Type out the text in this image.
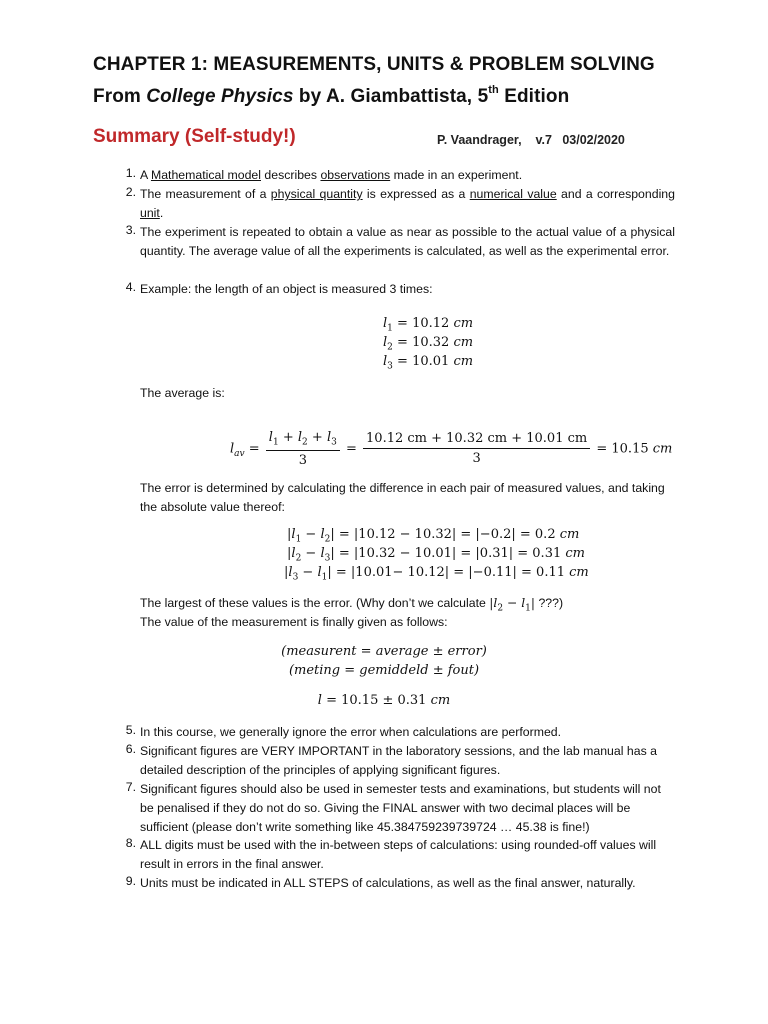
CHAPTER 1: MEASUREMENTS, UNITS & PROBLEM SOLVING
From College Physics by A. Giambattista, 5th Edition
Summary (Self-study!)	P. Vaandrager, v.7 03/02/2020
1. A Mathematical model describes observations made in an experiment.
2. The measurement of a physical quantity is expressed as a numerical value and a corresponding unit.
3. The experiment is repeated to obtain a value as near as possible to the actual value of a physical quantity. The average value of all the experiments is calculated, as well as the experimental error.
4. Example: the length of an object is measured 3 times:
$l_1 = 10.12$ cm
$l_2 = 10.32$ cm
$l_3 = 10.01$ cm
The average is:
$l_{av} = \frac{l_1 + l_2 + l_3}{3} = \frac{10.12 cm + 10.32 cm + 10.01 cm}{3} = 10.15$ cm
The error is determined by calculating the difference in each pair of measured values, and taking the absolute value thereof:
$|l_1 - l_2| = |10.12 - 10.32| = |-0.2| = 0.2$ cm
$|l_2 - l_3| = |10.32 - 10.01| = |0.31| = 0.31$ cm
$|l_3 - l_1| = |10.01- 10.12| = |-0.11| = 0.11$ cm
The largest of these values is the error. (Why don’t we calculate $|l_2 - l_1|$ ???)
The value of the measurement is finally given as follows:
(measurent = average ± error)
(meting = gemiddeld ± fout)
l = 10.15 ± 0.31 cm
5. In this course, we generally ignore the error when calculations are performed.
6. Significant figures are VERY IMPORTANT in the laboratory sessions, and the lab manual has a detailed description of the principles of applying significant figures.
7. Significant figures should also be used in semester tests and examinations, but students will not be penalised if they do not do so. Giving the FINAL answer with two decimal places will be sufficient (please don’t write something like 45.384759239739724 … 45.38 is fine!)
8. ALL digits must be used with the in-between steps of calculations: using rounded-off values will result in errors in the final answer.
9. Units must be indicated in ALL STEPS of calculations, as well as the final answer, naturally.
